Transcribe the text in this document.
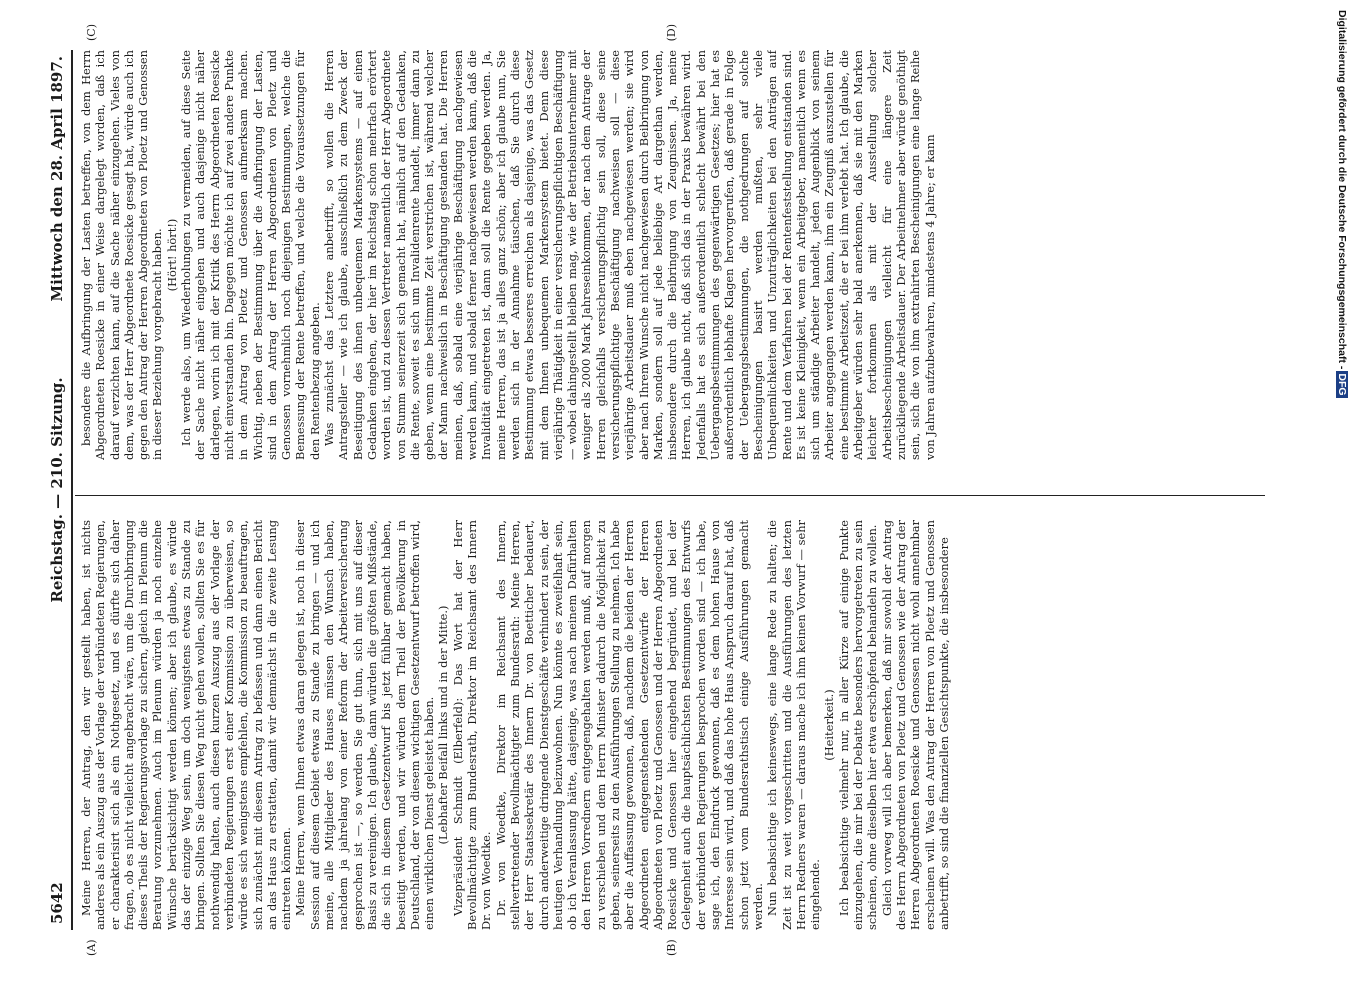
5642
Reichstag. — 210. Sitzung.
Mittwoch den 28. April 1897.

Meine Herren, der Antrag, den wir gestellt haben, ist nichts anderes als ein Auszug aus der Vorlage der verbündeten Regierungen, er charakterisirt sich als ein Nothgesetz, und es dürfte sich daher fragen, ob es nicht vielleicht angebracht wäre, um die Durchbringung dieses Theils der Regierungsvorlage zu sichern, gleich im Plenum die Beratung vorzunehmen. Auch im Plenum würden ja noch einzelne Wünsche berücksichtigt werden können; aber ich glaube, es würde das der einzige Weg sein, um doch wenigstens etwas zu Stande zu bringen. Sollten Sie diesen Weg nicht gehen wollen, sollten Sie es für nothwendig halten, auch diesen kurzen Auszug aus der Vorlage der verbündeten Regierungen erst einer Kommission zu überweisen, so würde es sich wenigstens empfehlen, die Kommission zu beauftragen, sich zunächst mit diesem Antrag zu befassen und dann einen Bericht an das Haus zu erstatten, damit wir demnächst in die zweite Lesung eintreten können. Meine Herren, wenn Ihnen etwas daran gelegen ist, noch in dieser Session auf diesem Gebiet etwas zu Stande zu bringen — und ich meine, alle Mitglieder des Hauses müssen den Wunsch haben, nachdem ja jahrelang von einer Reform der Arbeiterversicherung gesprochen ist —, so werden Sie gut thun, sich mit uns auf dieser Basis zu vereinigen. Ich glaube, dann würden die größten Mißstände, die sich in diesem Gesetzentwurf bis jetzt fühlbar gemacht haben, beseitigt werden, und wir würden dem Theil der Bevölkerung in Deutschland, der von diesem wichtigen Gesetzentwurf betroffen wird, einen wirklichen Dienst geleistet haben. (Lebhafter Beifall links und in der Mitte.) Vizepräsident Schmidt (Elberfeld): Das Wort hat der Herr Bevollmächtigte zum Bundesrath, Direktor im Reichsamt des Innern Dr. von Woedtke. Dr. von Woedtke, Direktor im Reichsamt des Innern, stellvertretender Bevollmächtigter zum Bundesrath: Meine Herren, der Herr Staatssekretär des Innern Dr. von Boetticher bedauert, durch anderweitige dringende Dienstgeschäfte verhindert zu sein, der heutigen Verhandlung beizuwohnen. Nun könnte es zweifelhaft sein, ob ich Veranlassung hätte, dasjenige, was nach meinem Dafürhalten den Herren Vorrednern entgegengehalten werden muß, auf morgen zu verschieben und dem Herrn Minister dadurch die Möglichkeit zu geben, seinerseits zu den Ausführungen Stellung zu nehmen. Ich habe aber die Auffassung gewonnen, daß, nachdem die beiden der Herren Abgeordneten entgegenstehenden Gesetzentwürfe der Herren Abgeordneten von Ploetz und Genossen und der Herren Abgeordneten Roesicke und Genossen hier eingehend begründet, und bei der Gelegenheit auch die hauptsächlichsten Bestimmungen des Entwurfs der verbündeten Regierungen besprochen worden sind — ich habe, sage ich, den Eindruck gewonnen, daß es dem hohen Hause von Interesse sein wird, und daß das hohe Haus Anspruch darauf hat, daß schon jetzt vom Bundesrathstisch einige Ausführungen gemacht werden. Nun beabsichtige ich keineswegs, eine lange Rede zu halten; die Zeit ist zu weit vorgeschritten und die Ausführungen des letzten Herrn Redners waren — daraus mache ich ihm keinen Vorwurf — sehr eingehende.

(Heiterkeit.) Ich beabsichtige vielmehr nur, in aller Kürze auf einige Punkte einzugehen, die mir bei der Debatte besonders hervorgetreten zu sein scheinen, ohne dieselben hier etwa erschöpfend behandeln zu wollen. Gleich vorweg will ich aber bemerken, daß mir sowohl der Antrag des Herrn Abgeordneten von Ploetz und Genossen wie der Antrag der Herren Abgeordneten Roesicke und Genossen nicht wohl annehmbar erscheinen will. Was den Antrag der Herren von Ploetz und Genossen anbetrifft, so sind die finanziellen Gesichtspunkte, die insbesondere

besondere die Aufbringung der Lasten betreffen, von dem Herrn Abgeordneten Roesicke in einer Weise dargelegt worden, daß ich darauf verzichten kann, auf die Sache näher einzugehen. Vieles von dem, was der Herr Abgeordnete Roesicke gesagt hat, würde auch ich gegen den Antrag der Herren Abgeordneten von Ploetz und Genossen in dieser Beziehung vorgebracht haben. (Hört! hört!) Ich werde also, um Wiederholungen zu vermeiden, auf diese Seite der Sache nicht näher eingehen und auch dasjenige nicht näher darlegen, worin ich mit der Kritik des Herrn Abgeordneten Roesicke nicht einverstanden bin. Dagegen möchte ich auf zwei andere Punkte in dem Antrag von Ploetz und Genossen aufmerksam machen. Wichtig, neben der Bestimmung über die Aufbringung der Lasten, sind in dem Antrag der Herren Abgeordneten von Ploetz und Genossen vornehmlich noch diejenigen Bestimmungen, welche die Bemessung der Rente betreffen, und welche die Voraussetzungen für den Rentenbezug angeben. Was zunächst das Letztere anbetrifft, so wollen die Herren Antragsteller — wie ich glaube, ausschließlich zu dem Zweck der Beseitigung des ihnen unbequemen Markensystems — auf einen Gedanken eingehen, der hier im Reichstag schon mehrfach erörtert worden ist, und zu dessen Vertreter namentlich der Herr Abgeordnete von Stumm seinerzeit sich gemacht hat, nämlich auf den Gedanken, die Rente, soweit es sich um Invalidenrente handelt, immer dann zu geben, wenn eine bestimmte Zeit verstrichen ist, während welcher der Mann nachweislich in Beschäftigung gestanden hat. Die Herren meinen, daß, sobald eine vierjährige Beschäftigung nachgewiesen werden kann, und sobald ferner nachgewiesen werden kann, daß die Invalidität eingetreten ist, dann soll die Rente gegeben werden. Ja, meine Herren, das ist ja alles ganz schön; aber ich glaube nun, Sie werden sich in der Annahme täuschen, daß Sie durch diese Bestimmung etwas besseres erreichen als dasjenige, was das Gesetz mit dem Ihnen unbequemen Markensystem bietet. Denn diese vierjährige Thätigkeit in einer versicherungspflichtigen Beschäftigung — wobei dahingestellt bleiben mag, wie der Betriebsunternehmer mit weniger als 2000 Mark Jahreseinkommen, der nach dem Antrage der Herren gleichfalls versicherungspflichtig sein soll, diese seine versicherungspflichtige Beschäftigung nachweisen soll — diese vierjährige Arbeitsdauer muß eben nachgewiesen werden; sie wird aber nach Ihrem Wunsche nicht nachgewiesen durch Beibringung von Marken, sondern soll auf jede beliebige Art dargethan werden, insbesondere durch die Beibringung von Zeugnissen. Ja, meine Herren, ich glaube nicht, daß sich das in der Praxis bewähren wird. Jedenfalls hat es sich außerordentlich schlecht bewährt bei den Uebergangsbestimmungen des gegenwärtigen Gesetzes; hier hat es außerordentlich lebhafte Klagen hervorgerufen, daß gerade in Folge der Uebergangsbestimmungen, die nothgedrungen auf solche Bescheinigungen basirt werden mußten, sehr viele Unbequemlichkeiten und Unzuträglichkeiten bei den Anträgen auf Rente und dem Verfahren bei der Rentenfeststellung entstanden sind. Es ist keine Kleinigkeit, wenn ein Arbeitgeber, namentlich wenn es sich um ständige Arbeiter handelt, jeden Augenblick von seinem Arbeiter angegangen werden kann, ihm ein Zeugniß auszustellen für eine bestimmte Arbeitszeit, die er bei ihm verlebt hat. Ich glaube, die Arbeitgeber würden sehr bald anerkennen, daß sie mit den Marken leichter fortkommen als mit der Ausstellung solcher Arbeitsbescheinigungen vielleicht für eine längere Zeit zurückliegende Arbeitsdauer. Der Arbeitnehmer aber würde genöthigt sein, sich die von ihm extrahirten Bescheinigungen eine lange Reihe von Jahren aufzubewahren, mindestens 4 Jahre; er kann

(A)	(B)
(C)	(D)	Digitalisierung gefördert durch die Deutsche Forschungsgemeinschaft -DFG
